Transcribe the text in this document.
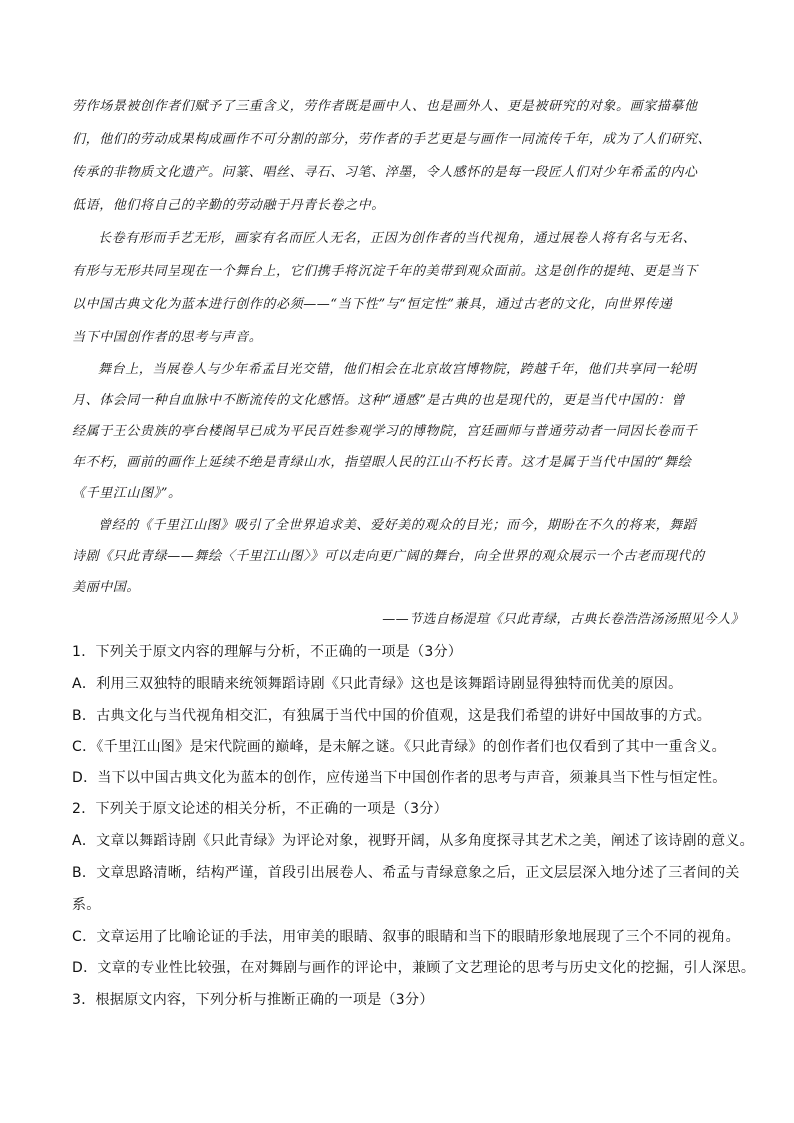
劳作场景被创作者们赋予了三重含义，劳作者既是画中人、也是画外人、更是被研究的对象。画家描摹他
们，他们的劳动成果构成画作不可分割的部分，劳作者的手艺更是与画作一同流传千年，成为了人们研究、
传承的非物质文化遗产。问篆、唱丝、寻石、习笔、淬墨，令人感怀的是每一段匠人们对少年希孟的内心
低语，他们将自己的辛勤的劳动融于丹青长卷之中。
长卷有形而手艺无形，画家有名而匠人无名，正因为创作者的当代视角，通过展卷人将有名与无名、
有形与无形共同呈现在一个舞台上，它们携手将沉淀千年的美带到观众面前。这是创作的提纯、更是当下
以中国古典文化为蓝本进行创作的必须——“当下性”与“恒定性”兼具，通过古老的文化，向世界传递
当下中国创作者的思考与声音。
舞台上，当展卷人与少年希孟目光交错，他们相会在北京故宫博物院，跨越千年，他们共享同一轮明
月、体会同一种自血脉中不断流传的文化感悟。这种“通感”是古典的也是现代的，更是当代中国的：曾
经属于王公贵族的亭台楼阁早已成为平民百姓参观学习的博物院，宫廷画师与普通劳动者一同因长卷而千
年不朽，画前的画作上延续不绝是青绿山水，指望眼人民的江山不朽长青。这才是属于当代中国的“舞绘
《千里江山图》”。
曾经的《千里江山图》吸引了全世界追求美、爱好美的观众的目光；而今，期盼在不久的将来，舞蹈
诗剧《只此青绿——舞绘〈千里江山图〉》可以走向更广阔的舞台，向全世界的观众展示一个古老而现代的
美丽中国。
——节选自杨湜瑄《只此青绿，古典长卷浩浩汤汤照见今人》
1．下列关于原文内容的理解与分析，不正确的一项是（3分）
A．利用三双独特的眼睛来统领舞蹈诗剧《只此青绿》这也是该舞蹈诗剧显得独特而优美的原因。
B．古典文化与当代视角相交汇，有独属于当代中国的价值观，这是我们希望的讲好中国故事的方式。
C．《千里江山图》是宋代院画的巅峰，是未解之谜。《只此青绿》的创作者们也仅看到了其中一重含义。
D．当下以中国古典文化为蓝本的创作，应传递当下中国创作者的思考与声音，须兼具当下性与恒定性。
2．下列关于原文论述的相关分析，不正确的一项是（3分）
A．文章以舞蹈诗剧《只此青绿》为评论对象，视野开阔，从多角度探寻其艺术之美，阐述了该诗剧的意义。
B．文章思路清晰，结构严谨，首段引出展卷人、希孟与青绿意象之后，正文层层深入地分述了三者间的关
系。
C．文章运用了比喻论证的手法，用审美的眼睛、叙事的眼睛和当下的眼睛形象地展现了三个不同的视角。
D．文章的专业性比较强，在对舞剧与画作的评论中，兼顾了文艺理论的思考与历史文化的挖掘，引人深思。
3．根据原文内容，下列分析与推断正确的一项是（3分）
